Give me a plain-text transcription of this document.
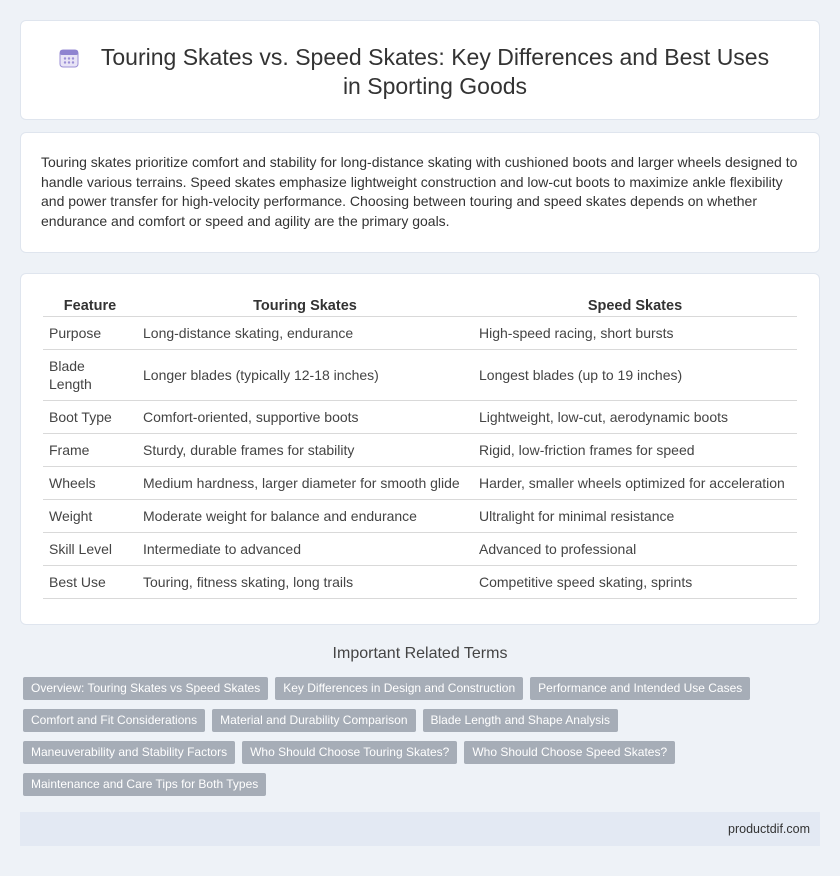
Touring Skates vs. Speed Skates: Key Differences and Best Uses in Sporting Goods

Touring skates prioritize comfort and stability for long-distance skating with cushioned boots and larger wheels designed to handle various terrains. Speed skates emphasize lightweight construction and low-cut boots to maximize ankle flexibility and power transfer for high-velocity performance. Choosing between touring and speed skates depends on whether endurance and comfort or speed and agility are the primary goals.

Feature	Touring Skates	Speed Skates
Purpose	Long-distance skating, endurance	High-speed racing, short bursts
Blade Length	Longer blades (typically 12-18 inches)	Longest blades (up to 19 inches)
Boot Type	Comfort-oriented, supportive boots	Lightweight, low-cut, aerodynamic boots
Frame	Sturdy, durable frames for stability	Rigid, low-friction frames for speed
Wheels	Medium hardness, larger diameter for smooth glide	Harder, smaller wheels optimized for acceleration
Weight	Moderate weight for balance and endurance	Ultralight for minimal resistance
Skill Level	Intermediate to advanced	Advanced to professional
Best Use	Touring, fitness skating, long trails	Competitive speed skating, sprints
Important Related Terms
Overview: Touring Skates vs Speed Skates	Key Differences in Design and Construction	Performance and Intended Use Cases
Comfort and Fit Considerations	Material and Durability Comparison	Blade Length and Shape Analysis
Maneuverability and Stability Factors	Who Should Choose Touring Skates?	Who Should Choose Speed Skates?
Maintenance and Care Tips for Both Types
productdif.com
